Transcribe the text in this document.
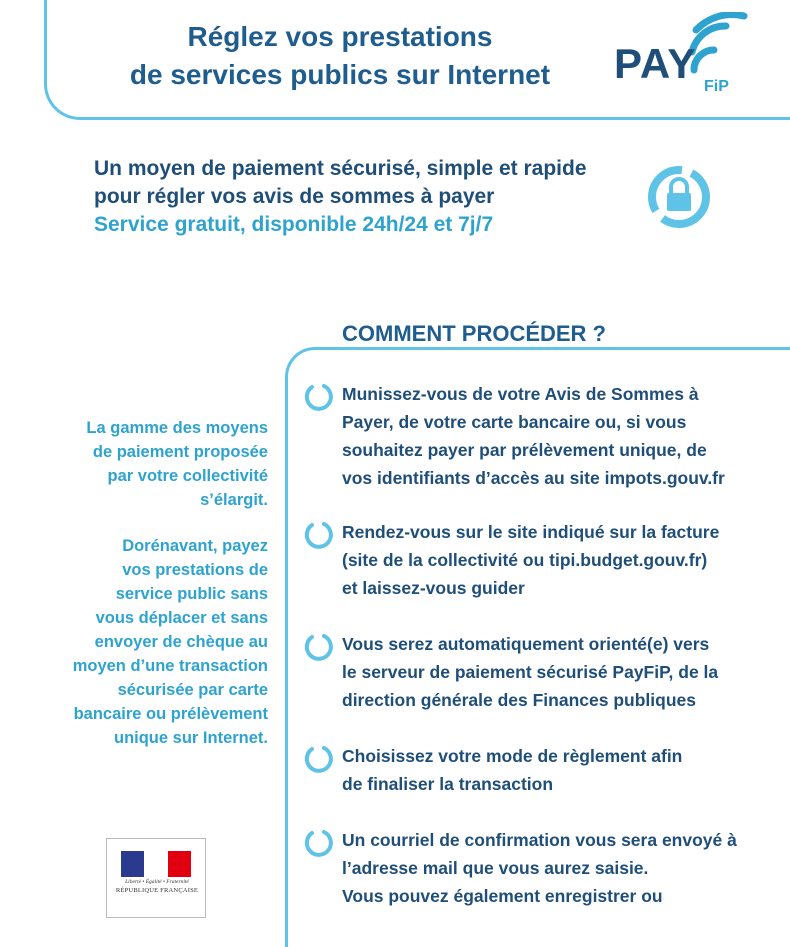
Réglez vos prestations
de services publics sur Internet	PAY FiP
Un moyen de paiement sécurisé, simple et rapide
pour régler vos avis de sommes à payer
Service gratuit, disponible 24h/24 et 7j/7
COMMENT PROCÉDER ?
Munissez-vous de votre Avis de Sommes à
Payer, de votre carte bancaire ou, si vous
souhaitez payer par prélèvement unique, de
vos identifiants d’accès au site impots.gouv.fr
Rendez-vous sur le site indiqué sur la facture
(site de la collectivité ou tipi.budget.gouv.fr)
et laissez-vous guider
Vous serez automatiquement orienté(e) vers
le serveur de paiement sécurisé PayFiP, de la
direction générale des Finances publiques
Choisissez votre mode de règlement afin
de finaliser la transaction
Un courriel de confirmation vous sera envoyé à
l’adresse mail que vous aurez saisie.
Vous pouvez également enregistrer ou
La gamme des moyens
de paiement proposée
par votre collectivité
s’élargit.
Dorénavant, payez
vos prestations de
service public sans
vous déplacer et sans
envoyer de chèque au
moyen d’une transaction
sécurisée par carte
bancaire ou prélèvement
unique sur Internet.
Liberté • Égalité • Fraternité
RÉPUBLIQUE FRANÇAISE
